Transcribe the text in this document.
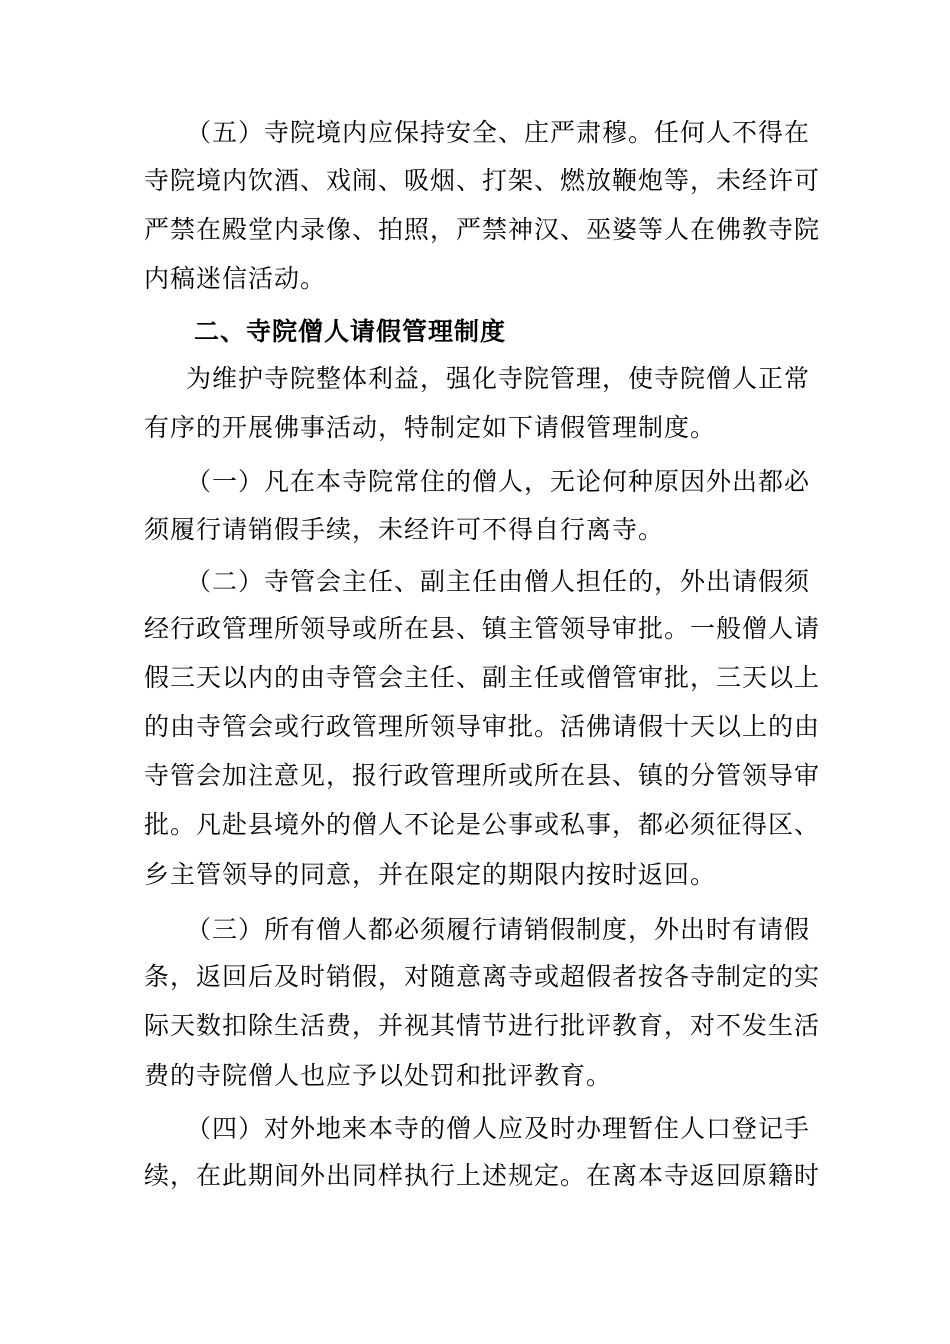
（五）寺院境内应保持安全、庄严肃穆。任何人不得在
寺院境内饮酒、戏闹、吸烟、打架、燃放鞭炮等，未经许可
严禁在殿堂内录像、拍照，严禁神汉、巫婆等人在佛教寺院
内稿迷信活动。
二、寺院僧人请假管理制度
为维护寺院整体利益，强化寺院管理，使寺院僧人正常
有序的开展佛事活动，特制定如下请假管理制度。
（一）凡在本寺院常住的僧人，无论何种原因外出都必
须履行请销假手续，未经许可不得自行离寺。
（二）寺管会主任、副主任由僧人担任的，外出请假须
经行政管理所领导或所在县、镇主管领导审批。一般僧人请
假三天以内的由寺管会主任、副主任或僧管审批，三天以上
的由寺管会或行政管理所领导审批。活佛请假十天以上的由
寺管会加注意见，报行政管理所或所在县、镇的分管领导审
批。凡赴县境外的僧人不论是公事或私事，都必须征得区、
乡主管领导的同意，并在限定的期限内按时返回。
（三）所有僧人都必须履行请销假制度，外出时有请假
条，返回后及时销假，对随意离寺或超假者按各寺制定的实
际天数扣除生活费，并视其情节进行批评教育，对不发生活
费的寺院僧人也应予以处罚和批评教育。
（四）对外地来本寺的僧人应及时办理暂住人口登记手
续，在此期间外出同样执行上述规定。在离本寺返回原籍时
